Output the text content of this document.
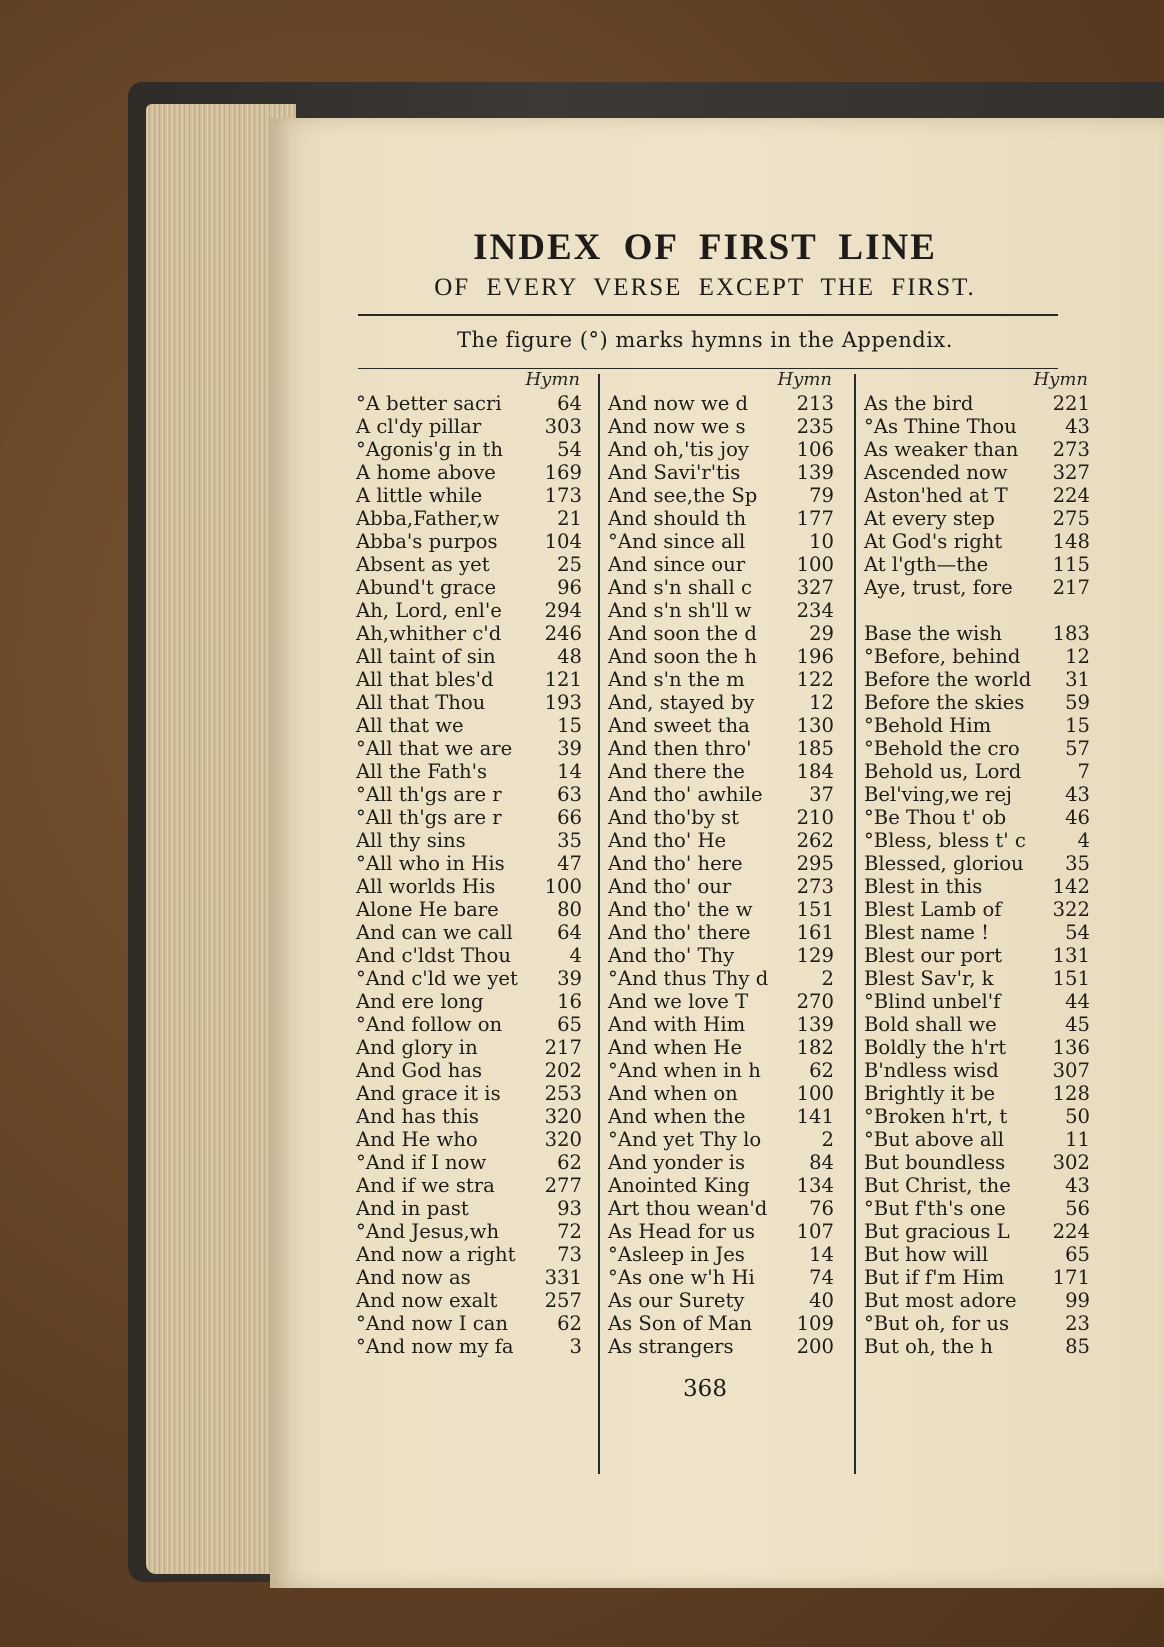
INDEX OF FIRST LINE
OF EVERY VERSE EXCEPT THE FIRST.
The figure (°) marks hymns in the Appendix.
Hymn
°A better sacri	64
A cl'dy pillar	303
°Agonis'g in th	54
A home above 169
A little while	173
Abba,Father,w	21
Abba's purpos 104
Absent as yet	25
Abund't grace	96
Ah, Lord, enl'e 294
Ah,whither c'd 246
All taint of sin	48
All that bles'd	121
All that Thou	193
All that we	15
°All that we are 39
All the Fath's	14
°All th'gs are r	63
°All th'gs are r	66
All thy sins	35
°All who in His	47
All worlds His	100
Alone He bare	80
And can we call 64
And c'ldst Thou	4
°And c'ld we yet 39
And ere long	16
°And follow on	65
And glory in	217
And God has	202
And grace it is 253
And has this	320
And He who	320
°And if I now	62
And if we stra	277
And in past	93
°And Jesus,wh	72
And now a right 73
And now as	331
And now exalt 257
°And now I can	62
°And now my fa	3
Hymn
And now we d 213
And now we s	235
And oh,'tis joy 106
And Savi'r'tis	139
And see,the Sp	79
And should th	177
°And since all	10
And since our	100
And s'n shall c 327
And s'n sh'll w 234
And soon the d	29
And soon the h 196
And s'n the m	122
And, stayed by	12
And sweet tha 130
And then thro' 185
And there the	184
And tho' awhile 37
And tho'by st	210
And tho' He	262
And tho' here	295
And tho' our	273
And tho' the w 151
And tho' there 161
And tho' Thy	129
°And thus Thy d	2
And we love T 270
And with Him	139
And when He	182
°And when in h 62
And when on	100
And when the	141
°And yet Thy lo	2
And yonder is	84
Anointed King 134
Art thou wean'd 76
As Head for us 107
°Asleep in Jes	14
°As one w'h Hi	74
As our Surety	40
As Son of Man 109
As strangers	200
Hymn
As the bird	221
°As Thine Thou 43
As weaker than 273
Ascended now 327
Aston'hed at T 224
At every step	275
At God's right	148
At l'gth—the	115
Aye, trust, fore 217
Base the wish	183
°Before, behind 12
Before the world 31
Before the skies 59
°Behold Him	15
°Behold the cro 57
Behold us, Lord	7
Bel'ving,we rej	43
°Be Thou t' ob	46
°Bless, bless t' c	4
Blessed, gloriou 35
Blest in this	142
Blest Lamb of	322
Blest name !	54
Blest our port	131
Blest Sav'r, k	151
°Blind unbel'f	44
Bold shall we	45
Boldly the h'rt 136
B'ndless wisd	307
Brightly it be	128
°Broken h'rt, t	50
°But above all	11
But boundless 302
But Christ, the	43
°But f'th's one	56
But gracious L 224
But how will	65
But if f'm Him 171
But most adore 99
°But oh, for us	23
But oh, the h	85
368
